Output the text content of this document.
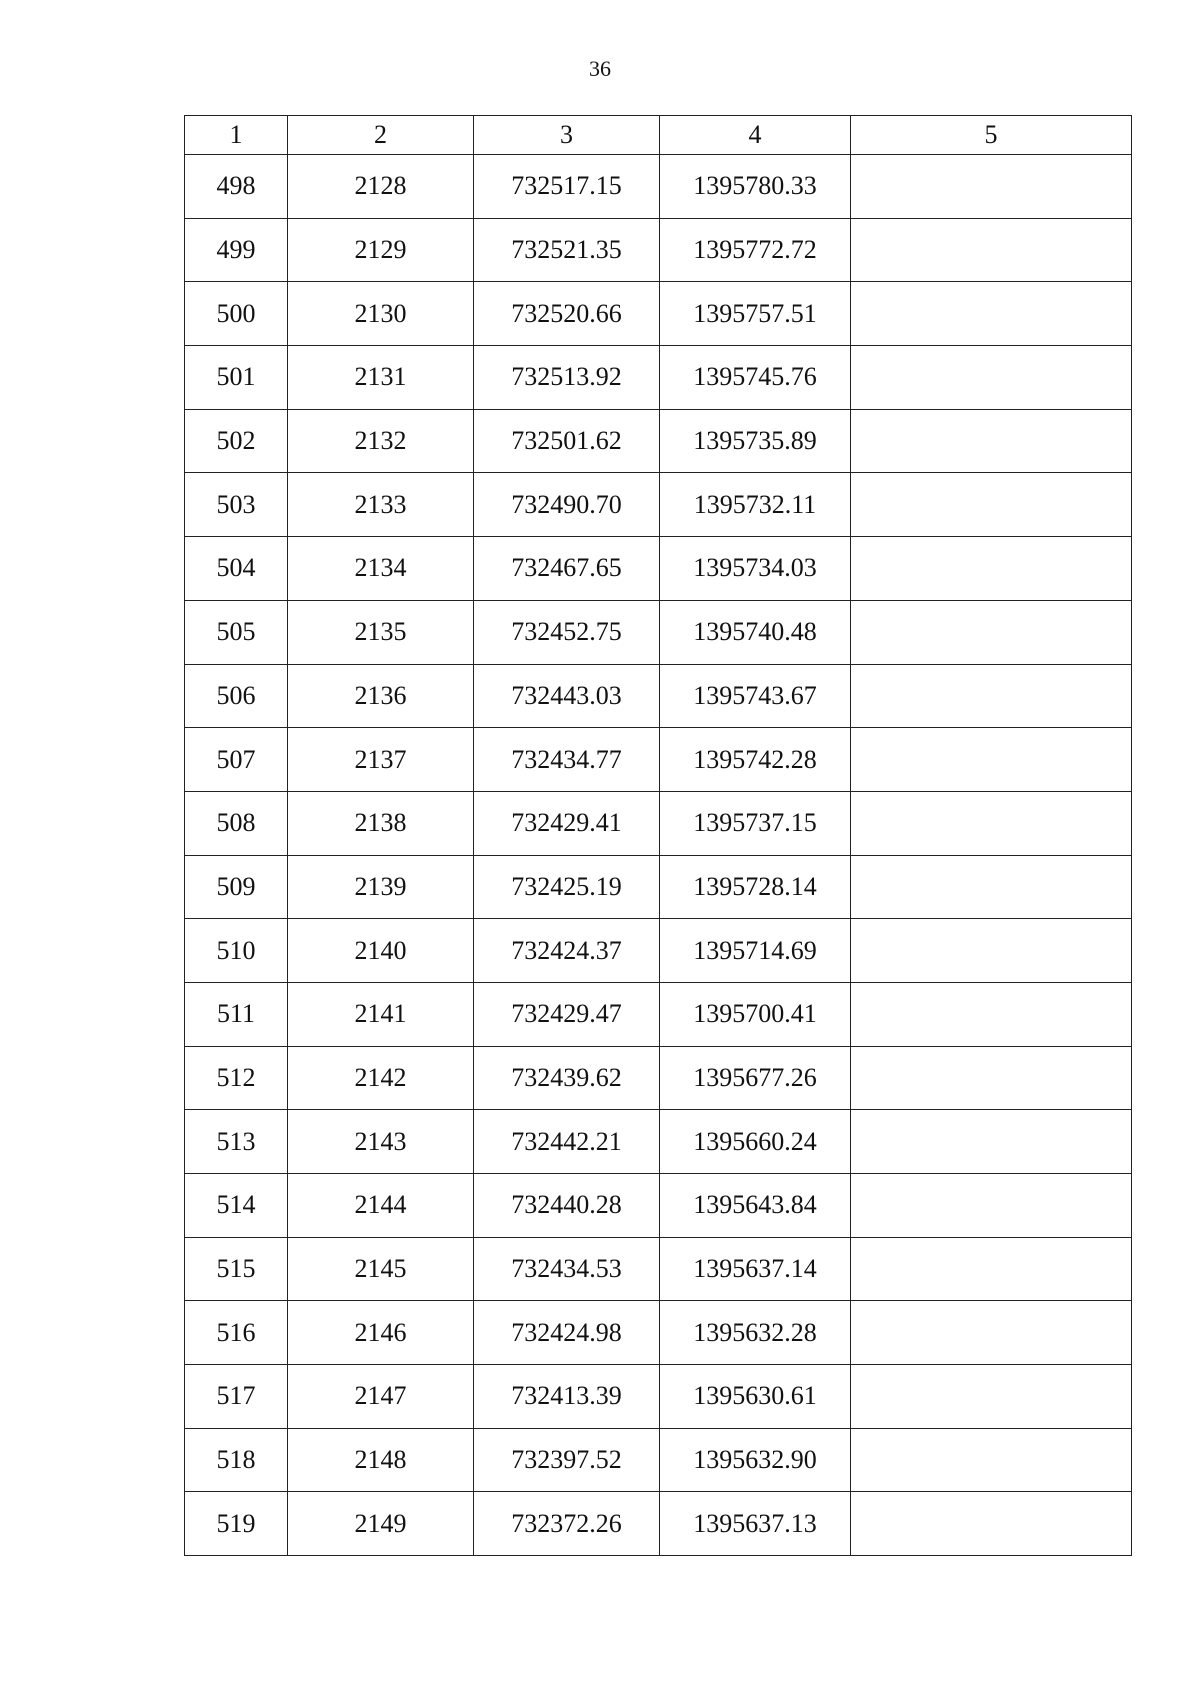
36
1	2	3	4	5
498	2128	732517.15	1395780.33	
499	2129	732521.35	1395772.72	
500	2130	732520.66	1395757.51	
501	2131	732513.92	1395745.76	
502	2132	732501.62	1395735.89	
503	2133	732490.70	1395732.11	
504	2134	732467.65	1395734.03	
505	2135	732452.75	1395740.48	
506	2136	732443.03	1395743.67	
507	2137	732434.77	1395742.28	
508	2138	732429.41	1395737.15	
509	2139	732425.19	1395728.14	
510	2140	732424.37	1395714.69	
511	2141	732429.47	1395700.41	
512	2142	732439.62	1395677.26	
513	2143	732442.21	1395660.24	
514	2144	732440.28	1395643.84	
515	2145	732434.53	1395637.14	
516	2146	732424.98	1395632.28	
517	2147	732413.39	1395630.61	
518	2148	732397.52	1395632.90	
519	2149	732372.26	1395637.13	
